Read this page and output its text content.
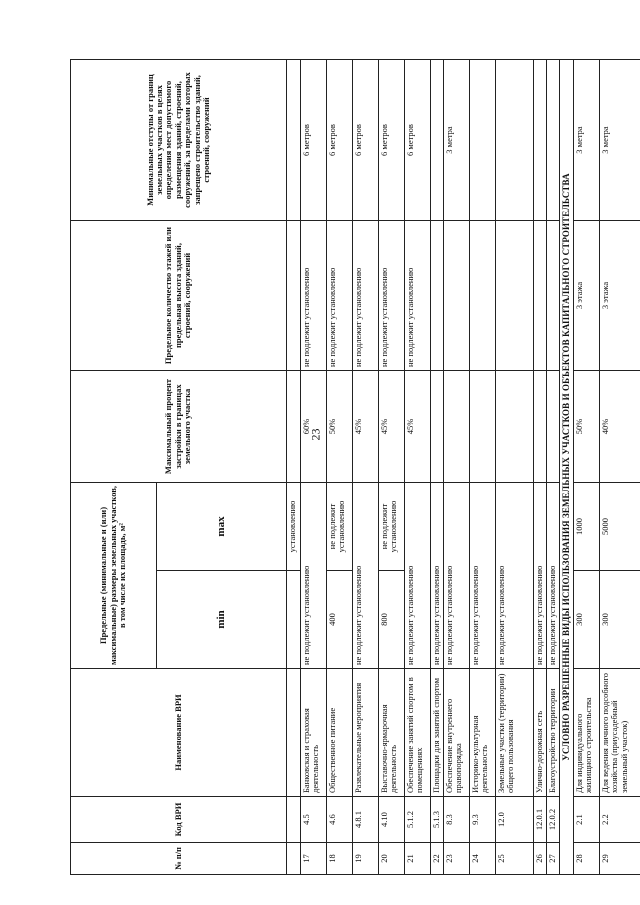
23
№ п/п	Код ВРИ	Наименование ВРИ	Предельные (минимальные и (или) максимальные) размеры земельных участков, в том числе их площадь, м²		Максимальный процент застройки в границах земельного участка	Предельное количество этажей или предельная высота зданий, строений, сооружений	Минимальные отступы от границ земельных участков в целях определения мест допустимого размещения зданий, строений, сооружений, за пределами которых запрещено строительство зданий, строений, сооружений
			min	max			
				установлению			
17	4.5	Банковская и страховая деятельность	не подлежит установлению		60%	не подлежит установлению	6 метров
18	4.6	Общественное питание	400	не подлежит установлению	50%	не подлежит установлению	6 метров
19	4.8.1	Развлекательные мероприятия	не подлежит установлению		45%	не подлежит установлению	6 метров
20	4.10	Выставочно-ярмарочная деятельность	800	не подлежит установлению	45%	не подлежит установлению	6 метров
21	5.1.2	Обеспечение занятий спортом в помещениях	не подлежит установлению		45%	не подлежит установлению	6 метров
22	5.1.3	Площадки для занятий спортом	не подлежит установлению				
23	8.3	Обеспечение внутреннего правопорядка	не подлежит установлению				3 метра
24	9.3	Историко-культурная деятельность	не подлежит установлению				
25	12.0	Земельные участки (территории) общего пользования	не подлежит установлению				
26	12.0.1	Улично-дорожная сеть	не подлежит установлению				
27	12.0.2	Благоустройство территории	не подлежит установлению				
УСЛОВНО РАЗРЕШЕННЫЕ ВИДЫ ИСПОЛЬЗОВАНИЯ ЗЕМЕЛЬНЫХ УЧАСТКОВ И ОБЪЕКТОВ КАПИТАЛЬНОГО СТРОИТЕЛЬСТВА							
28	2.1	Для индивидуального жилищного строительства	300	1000	50%	3 этажа	3 метра
29	2.2	Для ведения личного подсобного хозяйства (приусадебный земельный участок)	300	5000	40%	3 этажа	3 метра
